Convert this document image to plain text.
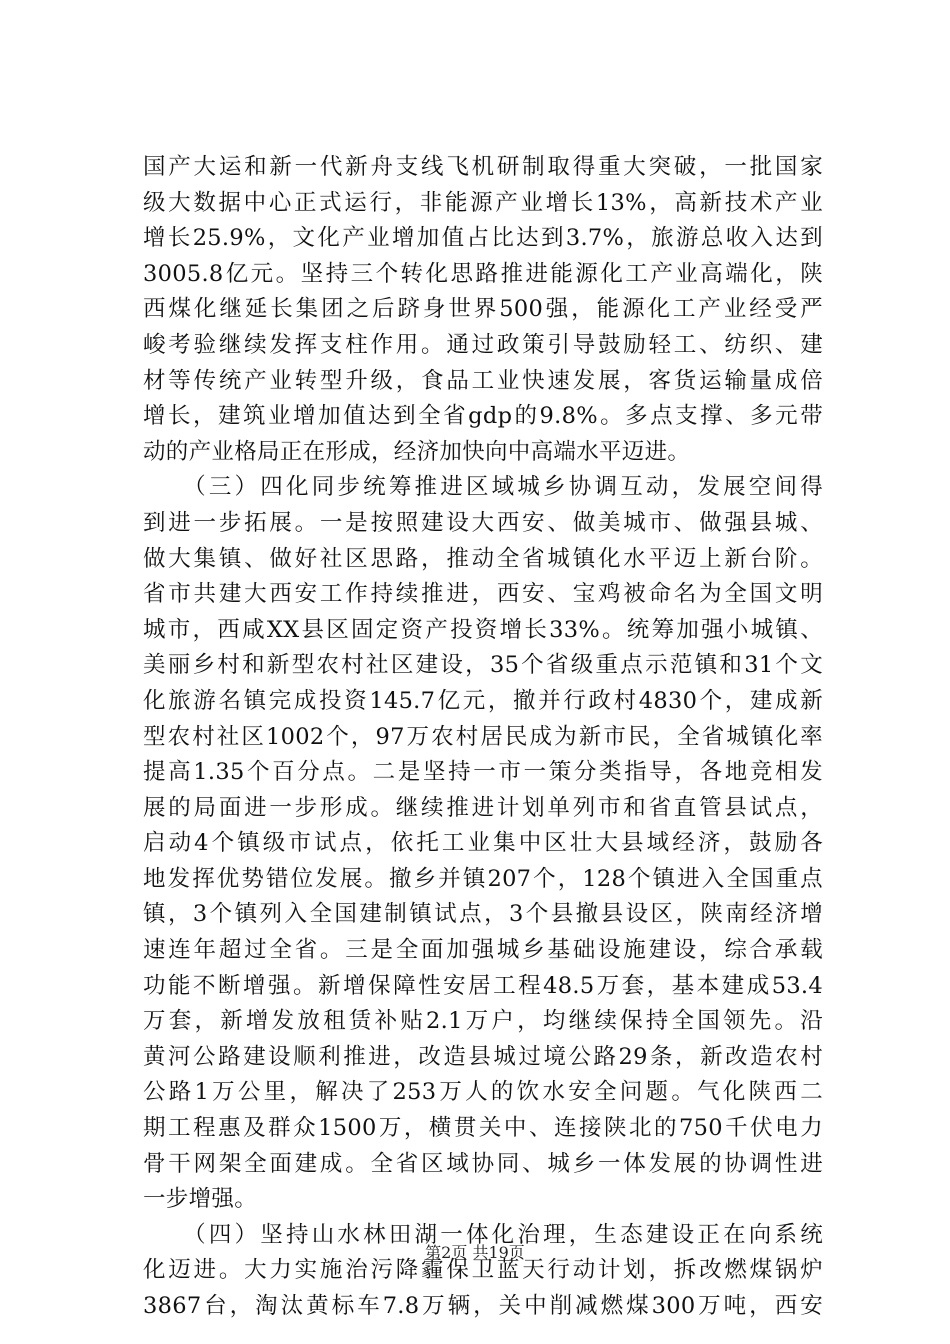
国产大运和新一代新舟支线飞机研制取得重大突破，一批国家
级大数据中心正式运行，非能源产业增长13%，高新技术产业
增长25.9%，文化产业增加值占比达到3.7%，旅游总收入达到
3005.8亿元。坚持三个转化思路推进能源化工产业高端化，陕
西煤化继延长集团之后跻身世界500强，能源化工产业经受严
峻考验继续发挥支柱作用。通过政策引导鼓励轻工、纺织、建
材等传统产业转型升级，食品工业快速发展，客货运输量成倍
增长，建筑业增加值达到全省gdp的9.8%。多点支撑、多元带
动的产业格局正在形成，经济加快向中高端水平迈进。
　　（三）四化同步统筹推进区域城乡协调互动，发展空间得
到进一步拓展。一是按照建设大西安、做美城市、做强县城、
做大集镇、做好社区思路，推动全省城镇化水平迈上新台阶。
省市共建大西安工作持续推进，西安、宝鸡被命名为全国文明
城市，西咸XX县区固定资产投资增长33%。统筹加强小城镇、
美丽乡村和新型农村社区建设，35个省级重点示范镇和31个文
化旅游名镇完成投资145.7亿元，撤并行政村4830个，建成新
型农村社区1002个，97万农村居民成为新市民，全省城镇化率
提高1.35个百分点。二是坚持一市一策分类指导，各地竞相发
展的局面进一步形成。继续推进计划单列市和省直管县试点，
启动4个镇级市试点，依托工业集中区壮大县域经济，鼓励各
地发挥优势错位发展。撤乡并镇207个，128个镇进入全国重点
镇，3个镇列入全国建制镇试点，3个县撤县设区，陕南经济增
速连年超过全省。三是全面加强城乡基础设施建设，综合承载
功能不断增强。新增保障性安居工程48.5万套，基本建成53.4
万套，新增发放租赁补贴2.1万户，均继续保持全国领先。沿
黄河公路建设顺利推进，改造县城过境公路29条，新改造农村
公路1万公里，解决了253万人的饮水安全问题。气化陕西二
期工程惠及群众1500万，横贯关中、连接陕北的750千伏电力
骨干网架全面建成。全省区域协同、城乡一体发展的协调性进
一步增强。
　　（四）坚持山水林田湖一体化治理，生态建设正在向系统
化迈进。大力实施治污降霾保卫蓝天行动计划，拆改燃煤锅炉
3867台，淘汰黄标车7.8万辆，关中削减燃煤300万吨，西安
第2页 共19页
